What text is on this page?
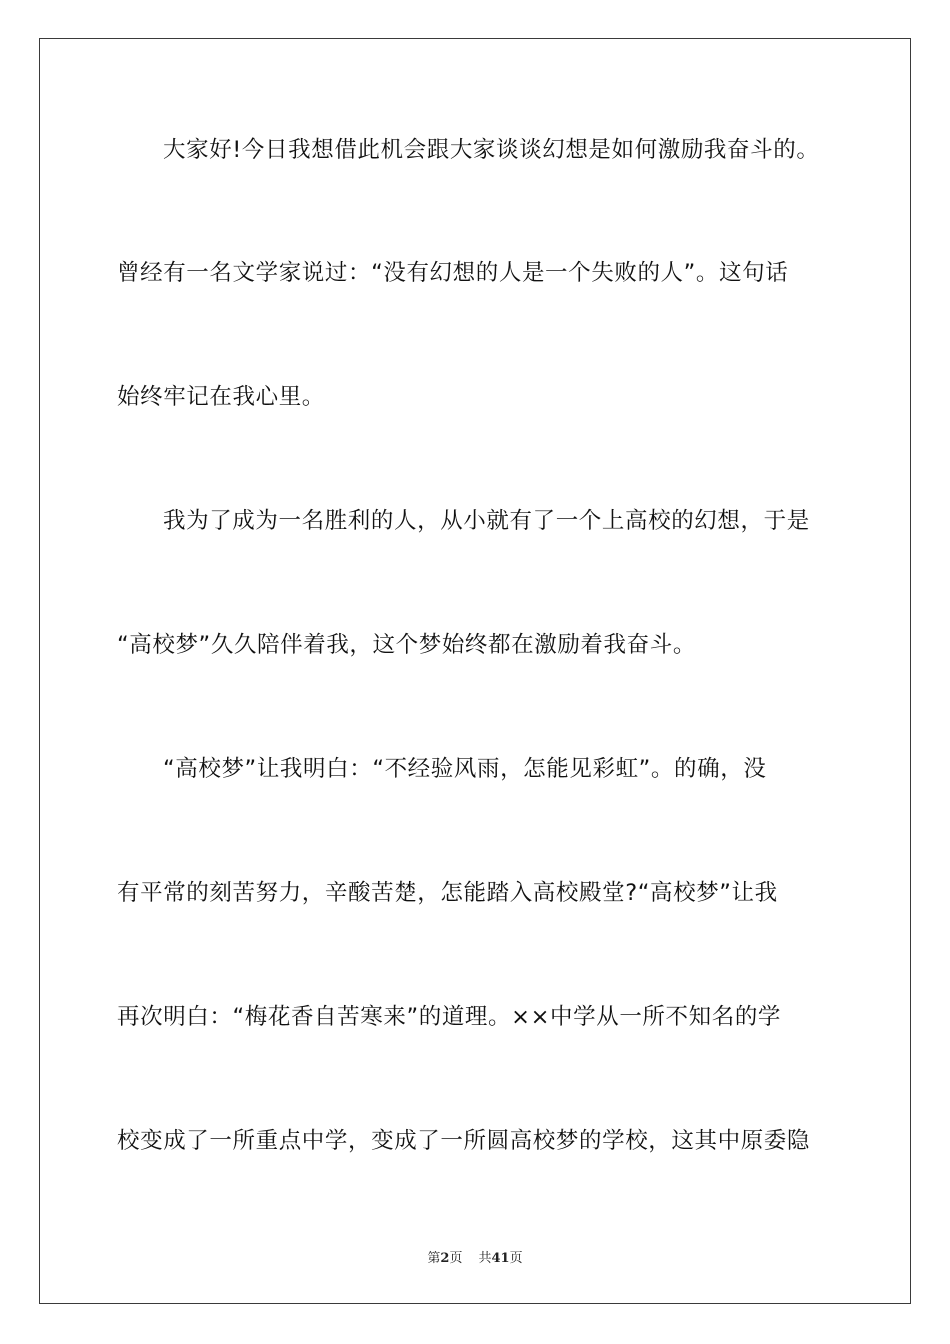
大家好!今日我想借此机会跟大家谈谈幻想是如何激励我奋斗的。
曾经有一名文学家说过：“没有幻想的人是一个失败的人”。这句话
始终牢记在我心里。
我为了成为一名胜利的人，从小就有了一个上高校的幻想，于是
“高校梦”久久陪伴着我，这个梦始终都在激励着我奋斗。
“高校梦”让我明白：“不经验风雨，怎能见彩虹”。的确，没
有平常的刻苦努力，辛酸苦楚，怎能踏入高校殿堂?“高校梦”让我
再次明白：“梅花香自苦寒来”的道理。××中学从一所不知名的学
校变成了一所重点中学，变成了一所圆高校梦的学校，这其中原委隐
第2页 共41页
